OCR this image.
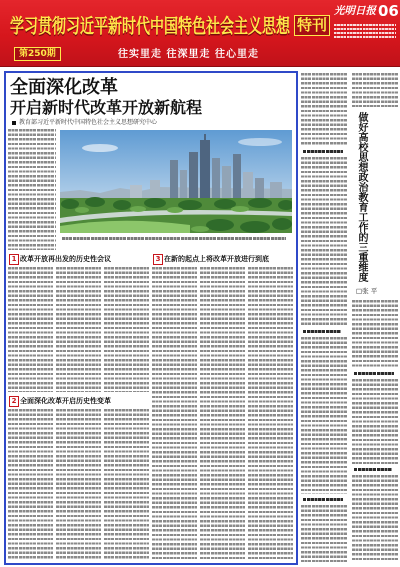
学习贯彻习近平新时代中国特色社会主义思想 特刊
光明日报 06
第250期	往实里走 往深里走 往心里走
全面深化改革
开启新时代改革开放新航程
教育部习近平新时代中国特色社会主义思想研究中心
1 改革开放再出发的历史性会议	3 在新的起点上将改革开放进行到底
2 全面深化改革开启历史性变革
做好高校思想政治教育工作的三重维度
□张 平
